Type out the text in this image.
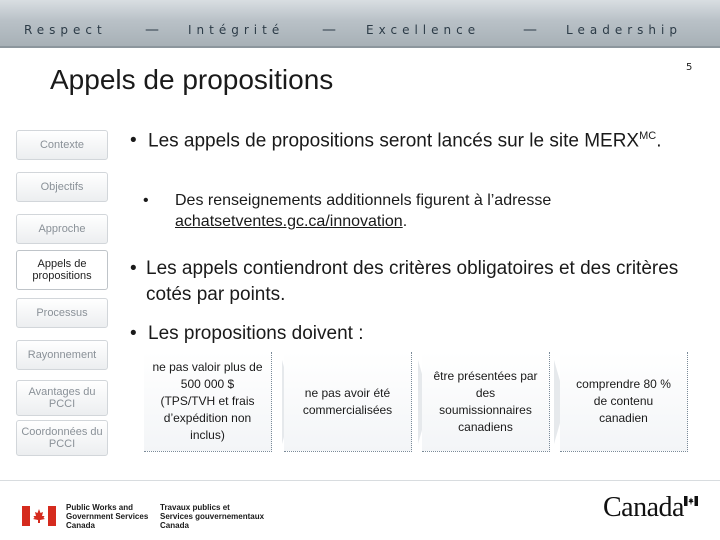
Respect	— Intégrité	—	Excellence	— Leadership
Appels de propositions	5
Contexte
Objectifs
Approche
Appels de propositions
Processus
Rayonnement
Avantages du PCCI
Coordonnées du PCCI
• Les appels de propositions seront lancés sur le site $MERX^{MC}$.
• Des renseignements additionnels figurent à l’adresse achatsetventes.gc.ca/innovation.
• Les appels contiendront des critères obligatoires et des critères cotés par points.
• Les propositions doivent :
ne pas valoir plus de 500 000 $ (TPS/TVH et frais d’expédition non inclus)
ne pas avoir été commercialisées
être présentées par des soumissionnaires canadiens
comprendre 80 % de contenu canadien
Public Works and
Government Services
Canada
Travaux publics et
Services gouvernementaux
Canada
Canada
